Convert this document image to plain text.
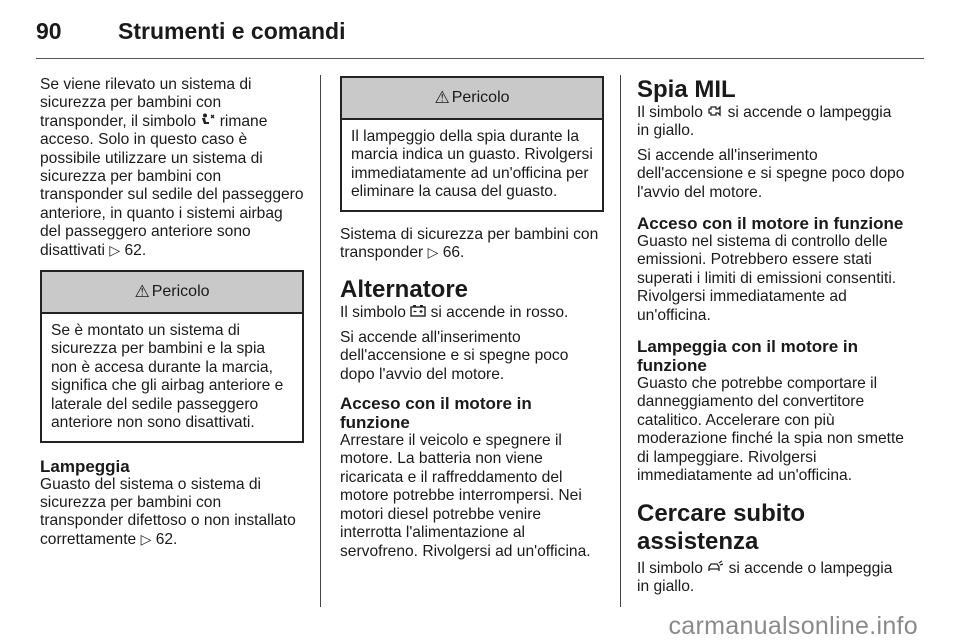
90 Strumenti e comandi

Se viene rilevato un sistema di sicurezza per bambini con transponder, il simbolo rimane acceso. Solo in questo caso è possibile utilizzare un sistema di sicurezza per bambini con transponder sul sedile del passeggero anteriore, in quanto i sistemi airbag del passeggero anteriore sono disattivati ▷ 62.

⚠ Pericolo
Se è montato un sistema di sicurezza per bambini e la spia non è accesa durante la marcia, significa che gli airbag anteriore e laterale del sedile passeggero anteriore non sono disattivati.
Lampeggia

Guasto del sistema o sistema di sicurezza per bambini con transponder difettoso o non installato correttamente ▷ 62.

⚠ Pericolo
Il lampeggio della spia durante la marcia indica un guasto. Rivolgersi immediatamente ad un'officina per eliminare la causa del guasto.

Sistema di sicurezza per bambini con transponder ▷ 66.

Alternatore

Il simbolo si accende in rosso.

Si accende all'inserimento dell'accensione e si spegne poco dopo l'avvio del motore.

Acceso con il motore in funzione

Arrestare il veicolo e spegnere il motore. La batteria non viene ricaricata e il raffreddamento del motore potrebbe interrompersi. Nei motori diesel potrebbe venire interrotta l'alimentazione al servofreno. Rivolgersi ad un'officina.

Spia MIL

Il simbolo si accende o lampeggia in giallo.

Si accende all'inserimento dell'accensione e si spegne poco dopo l'avvio del motore.

Acceso con il motore in funzione

Guasto nel sistema di controllo delle emissioni. Potrebbero essere stati superati i limiti di emissioni consentiti. Rivolgersi immediatamente ad un'officina.

Lampeggia con il motore in funzione

Guasto che potrebbe comportare il danneggiamento del convertitore catalitico. Accelerare con più moderazione finché la spia non smette di lampeggiare. Rivolgersi immediatamente ad un'officina.

Cercare subito assistenza

Il simbolo si accende o lampeggia in giallo.

carmanualsonline.info
